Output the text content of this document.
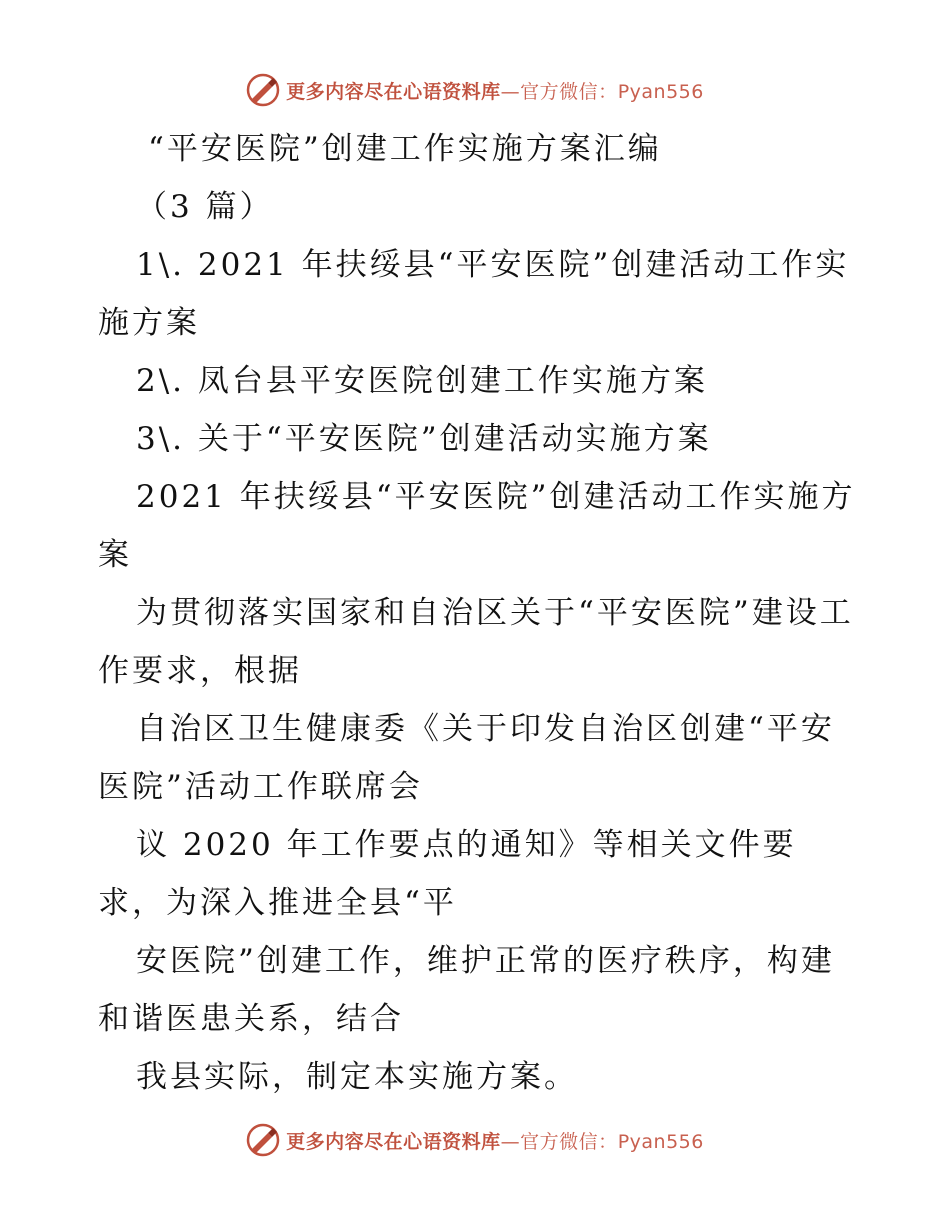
更多内容尽在心语资料库—官方微信：Pyan556

“平安医院”创建工作实施方案汇编

（3 篇）

1\. 2021 年扶绥县“平安医院”创建活动工作实施方案

2\. 凤台县平安医院创建工作实施方案

3\. 关于“平安医院”创建活动实施方案

2021 年扶绥县“平安医院”创建活动工作实施方案

为贯彻落实国家和自治区关于“平安医院”建设工作要求，根据

自治区卫生健康委《关于印发自治区创建“平安医院”活动工作联席会

议 2020 年工作要点的通知》等相关文件要求，为深入推进全县“平

安医院”创建工作，维护正常的医疗秩序，构建和谐医患关系，结合

我县实际，制定本实施方案。

更多内容尽在心语资料库—官方微信：Pyan556
